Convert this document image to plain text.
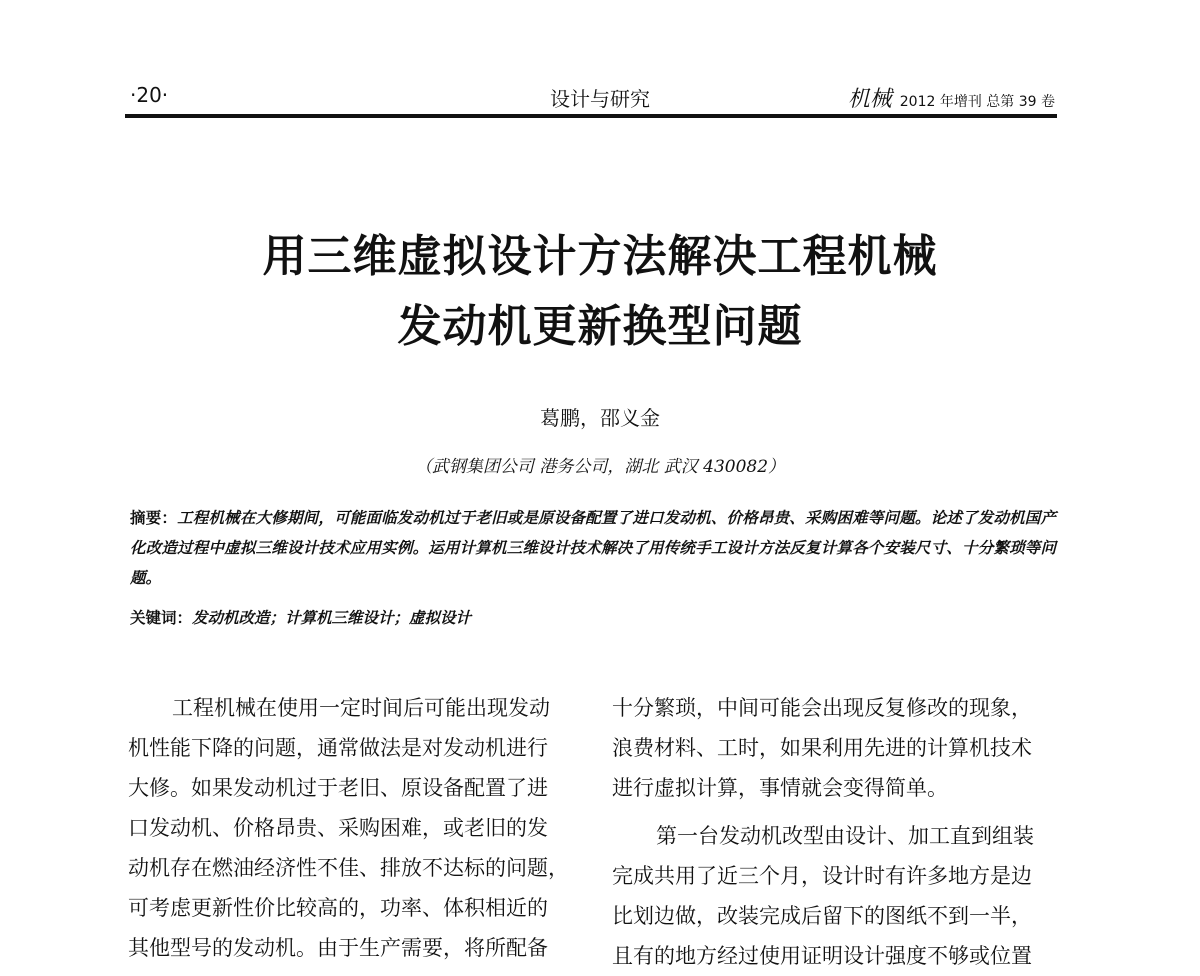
·20·	设计与研究	机械 2012 年增刊 总第 39 卷
用三维虚拟设计方法解决工程机械
发动机更新换型问题
葛鹏，邵义金
（武钢集团公司 港务公司，湖北 武汉 430082）
摘要：工程机械在大修期间，可能面临发动机过于老旧或是原设备配置了进口发动机、价格昂贵、采购困难等问题。论述了发动机国产化改造过程中虚拟三维设计技术应用实例。运用计算机三维设计技术解决了用传统手工设计方法反复计算各个安装尺寸、十分繁琐等问题。
关键词：发动机改造；计算机三维设计；虚拟设计
工程机械在使用一定时间后可能出现发动
机性能下降的问题，通常做法是对发动机进行
大修。如果发动机过于老旧、原设备配置了进
口发动机、价格昂贵、采购困难，或老旧的发
动机存在燃油经济性不佳、排放不达标的问题，
可考虑更新性价比较高的，功率、体积相近的
其他型号的发动机。由于生产需要，将所配备
十分繁琐，中间可能会出现反复修改的现象，
浪费材料、工时，如果利用先进的计算机技术
进行虚拟计算，事情就会变得简单。
第一台发动机改型由设计、加工直到组装
完成共用了近三个月，设计时有许多地方是边
比划边做，改装完成后留下的图纸不到一半，
且有的地方经过使用证明设计强度不够或位置
